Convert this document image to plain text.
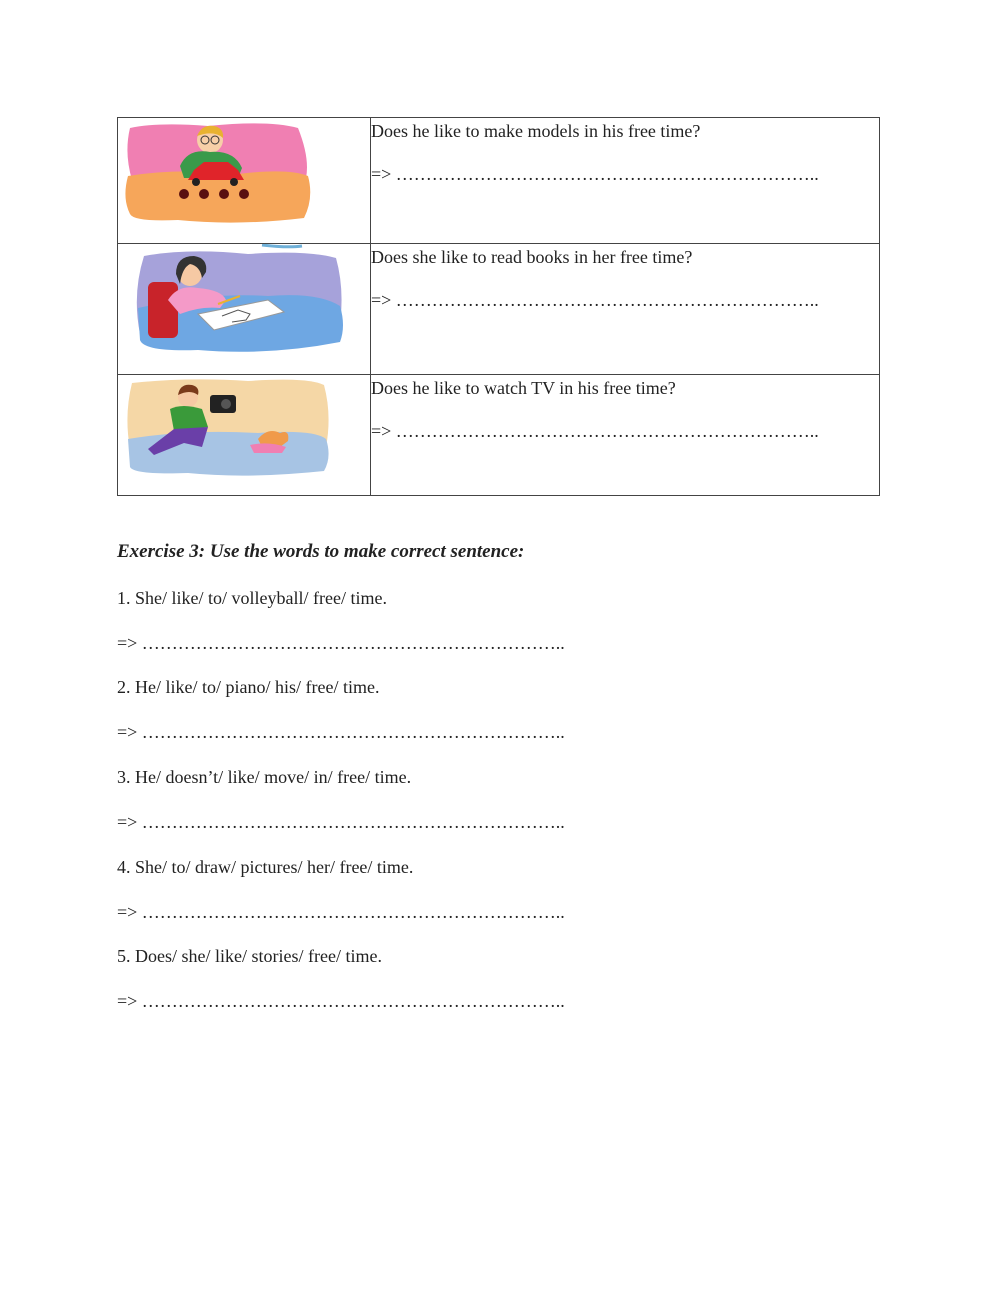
Does he like to make models in his free time?
=> ……………………………………………………………..

Does she like to read books in her free time?
=> ……………………………………………………………..

Does he like to watch TV in his free time?
=> ……………………………………………………………..
Exercise 3: Use the words to make correct sentence:
1. She/ like/ to/ volleyball/ free/ time.
=> ……………………………………………………………..
2. He/ like/ to/ piano/ his/ free/ time.
=> ……………………………………………………………..
3. He/ doesn’t/ like/ move/ in/ free/ time.
=> ……………………………………………………………..
4. She/ to/ draw/ pictures/ her/ free/ time.
=> ……………………………………………………………..
5. Does/ she/ like/ stories/ free/ time.
=> ……………………………………………………………..
